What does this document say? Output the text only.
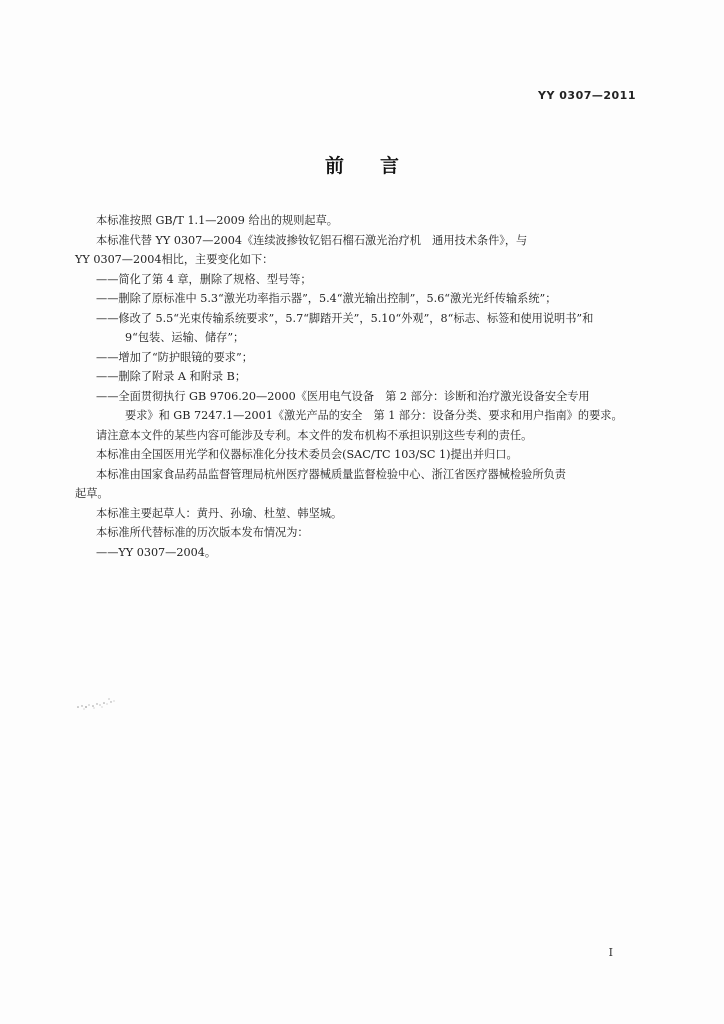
YY 0307—2011
前言

本标准按照 GB/T 1.1—2009 给出的规则起草。

本标准代替 YY 0307—2004《连续波掺钕钇铝石榴石激光治疗机　通用技术条件》，与

YY 0307—2004相比，主要变化如下：

——简化了第 4 章，删除了规格、型号等；

——删除了原标准中 5.3“激光功率指示器”，5.4“激光输出控制”，5.6“激光光纤传输系统”；

——修改了 5.5“光束传输系统要求”，5.7“脚踏开关”，5.10“外观”，8“标志、标签和使用说明书”和

9“包装、运输、储存”；

——增加了“防护眼镜的要求”；

——删除了附录 A 和附录 B；

——全面贯彻执行 GB 9706.20—2000《医用电气设备　第 2 部分：诊断和治疗激光设备安全专用

要求》和 GB 7247.1—2001《激光产品的安全　第 1 部分：设备分类、要求和用户指南》的要求。

请注意本文件的某些内容可能涉及专利。本文件的发布机构不承担识别这些专利的责任。

本标准由全国医用光学和仪器标准化分技术委员会(SAC/TC 103/SC 1)提出并归口。

本标准由国家食品药品监督管理局杭州医疗器械质量监督检验中心、浙江省医疗器械检验所负责

起草。

本标准主要起草人：黄丹、孙瑜、杜堃、韩坚城。

本标准所代替标准的历次版本发布情况为：

——YY 0307—2004。

I
